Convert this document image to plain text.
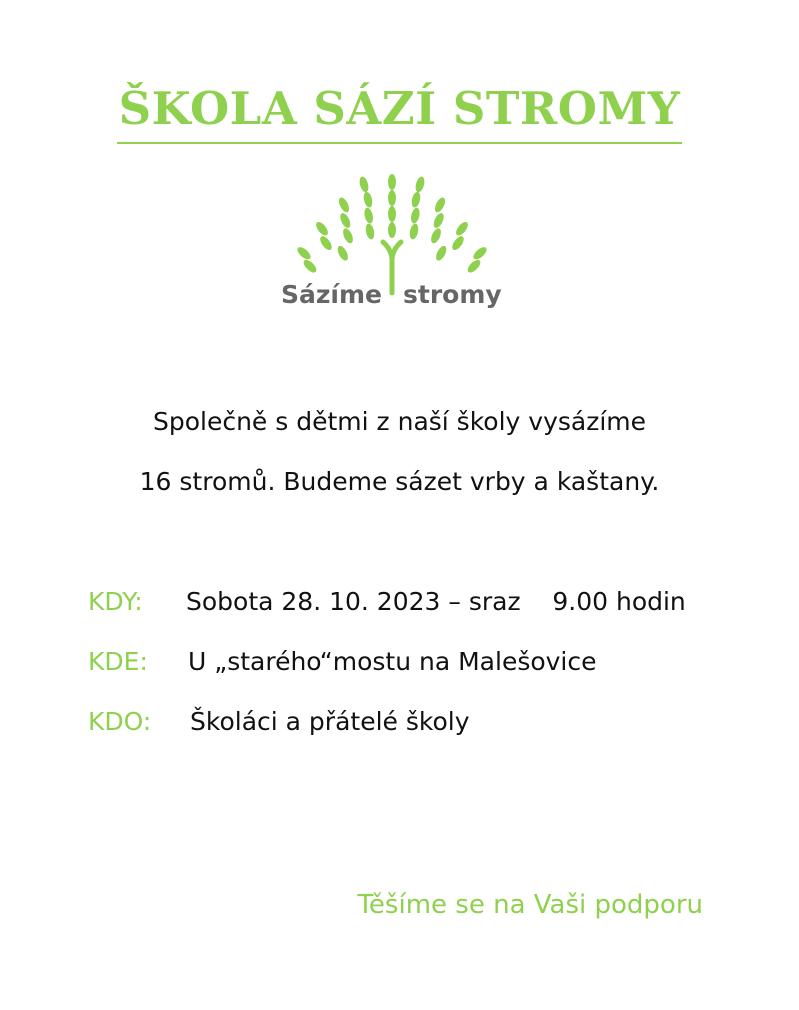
ŠKOLA SÁZÍ STROMY
Sázíme stromy
Společně s dětmi z naší školy vysázíme
16 stromů. Budeme sázet vrby a kaštany.
KDY: Sobota 28. 10. 2023 – sraz    9.00 hodin
KDE: U „starého“mostu na Malešovice
KDO: Školáci a přátelé školy
Těšíme se na Vaši podporu
